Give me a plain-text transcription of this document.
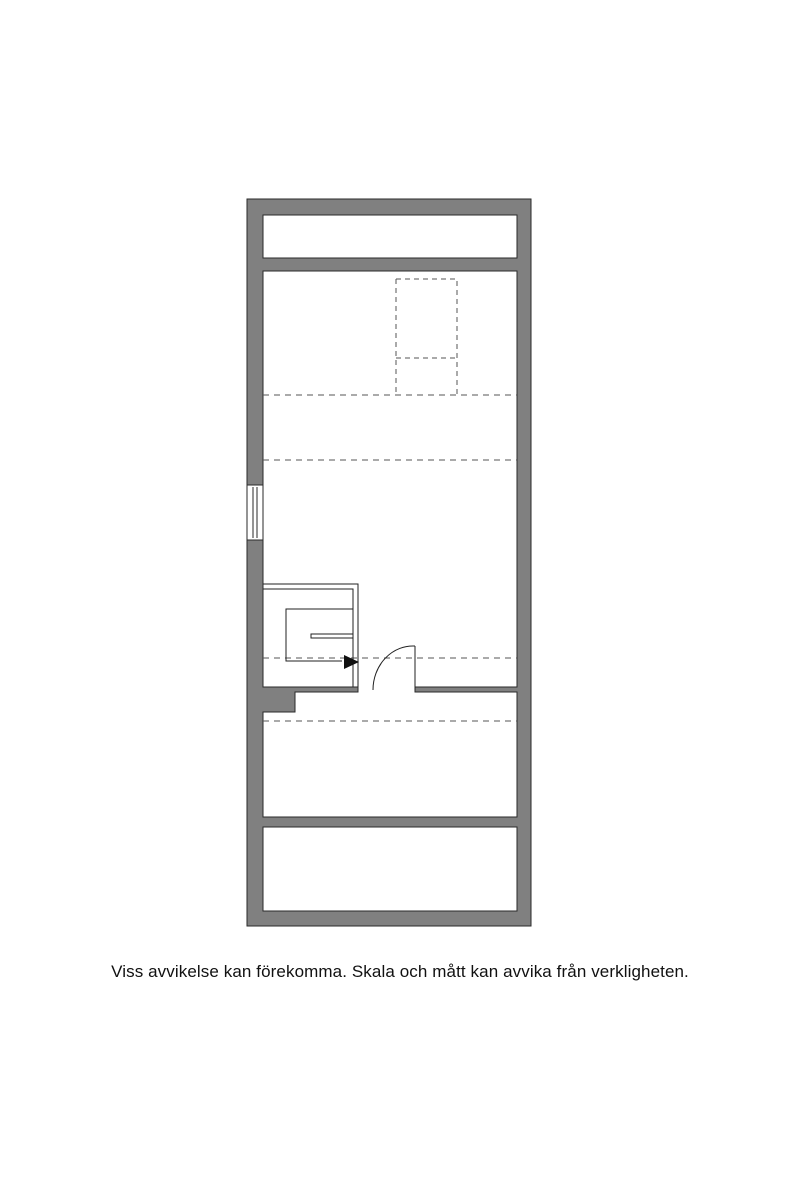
Viss avvikelse kan förekomma. Skala och mått kan avvika från verkligheten.
